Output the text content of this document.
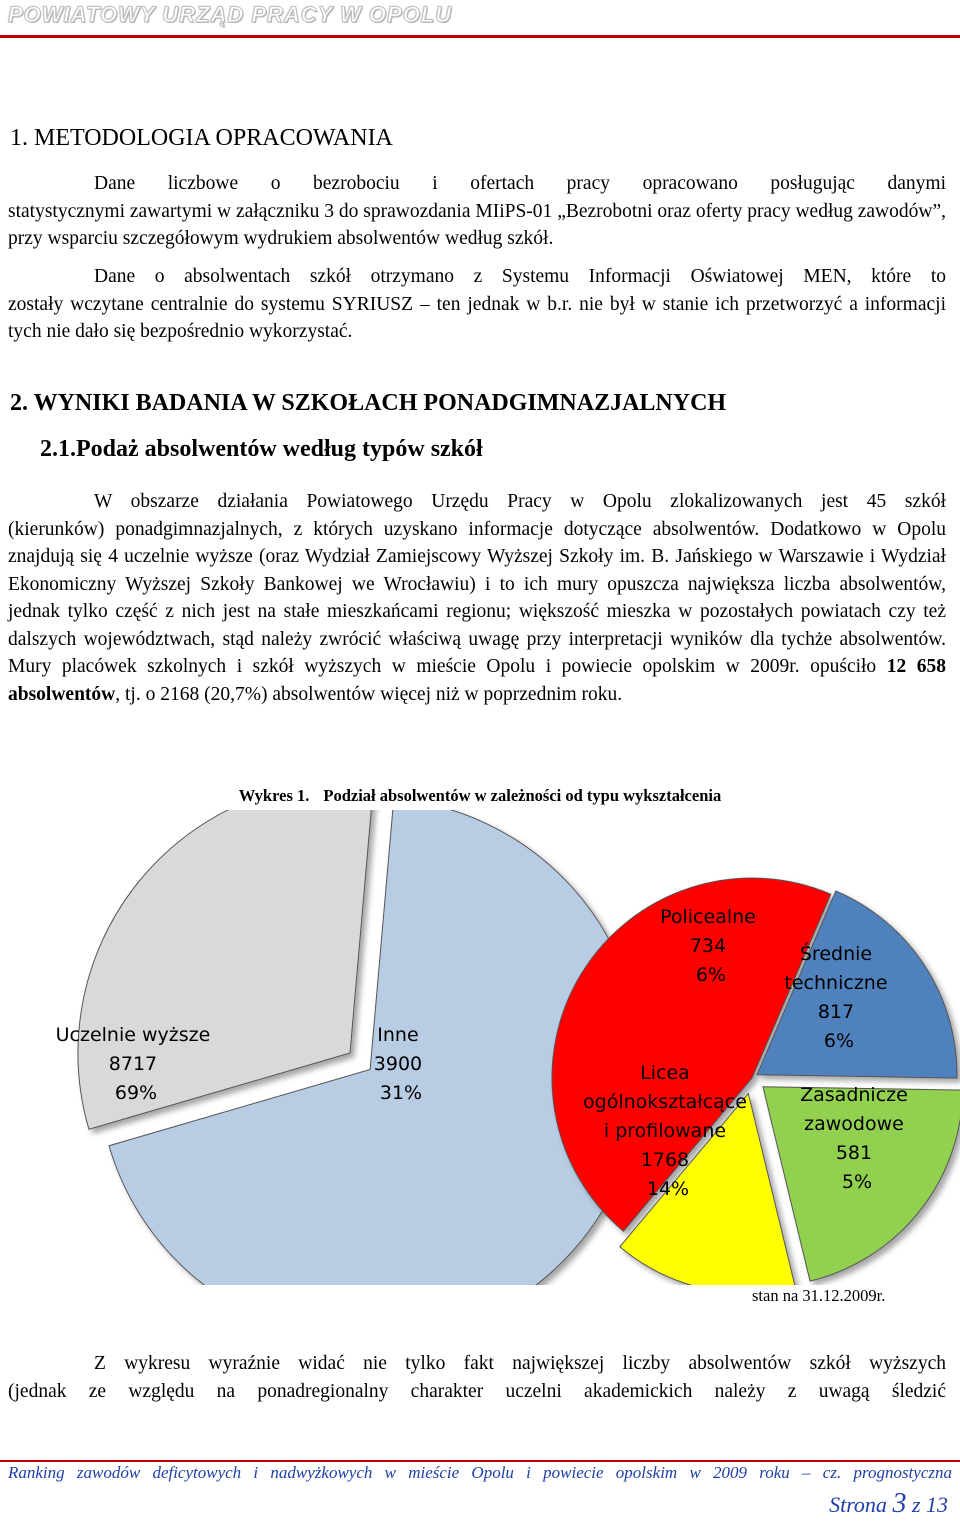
POWIATOWY URZĄD PRACY W OPOLU
1. METODOLOGIA OPRACOWANIA
Dane liczbowe o bezrobociu i ofertach pracy opracowano posługując danymi
statystycznymi zawartymi w załączniku 3 do sprawozdania MIiPS-01 „Bezrobotni oraz oferty pracy według zawodów”, przy wsparciu szczegółowym wydrukiem absolwentów według szkół.
Dane o absolwentach szkół otrzymano z Systemu Informacji Oświatowej MEN, które to
zostały wczytane centralnie do systemu SYRIUSZ – ten jednak w b.r. nie był w stanie ich przetworzyć a informacji tych nie dało się bezpośrednio wykorzystać.
2. WYNIKI BADANIA W SZKOŁACH PONADGIMNAZJALNYCH
2.1.Podaż absolwentów według typów szkół
W obszarze działania Powiatowego Urzędu Pracy w Opolu zlokalizowanych jest 45 szkół
(kierunków) ponadgimnazjalnych, z których uzyskano informacje dotyczące absolwentów. Dodatkowo w Opolu znajdują się 4 uczelnie wyższe (oraz Wydział Zamiejscowy Wyższej Szkoły im. B. Jańskiego w Warszawie i Wydział Ekonomiczny Wyższej Szkoły Bankowej we Wrocławiu) i to ich mury opuszcza największa liczba absolwentów, jednak tylko część z nich jest na stałe mieszkańcami regionu; większość mieszka w pozostałych powiatach czy też dalszych województwach, stąd należy zwrócić właściwą uwagę przy interpretacji wyników dla tychże absolwentów. Mury placówek szkolnych i szkół wyższych w mieście Opolu i powiecie opolskim w 2009r. opuściło 12 658 absolwentów, tj. o 2168 (20,7%) absolwentów więcej niż w poprzednim roku.
Wykres 1. Podział absolwentów w zależności od typu wykształcenia
Uczelnie wyższe 8717 69%
Inne 3900 31%
Policealne 734 6%
Średnie techniczne 817 6%
Licea ogólnokształcące i profilowane 1768 14%
Zasadnicze zawodowe 581 5%
stan na 31.12.2009r.
Z wykresu wyraźnie widać nie tylko fakt największej liczby absolwentów szkół wyższych
(jednak ze względu na ponadregionalny charakter uczelni akademickich należy z uwagą śledzić
Ranking zawodów deficytowych i nadwyżkowych w mieście Opolu i powiecie opolskim w 2009 roku – cz. prognostyczna
Strona 3 z 13
